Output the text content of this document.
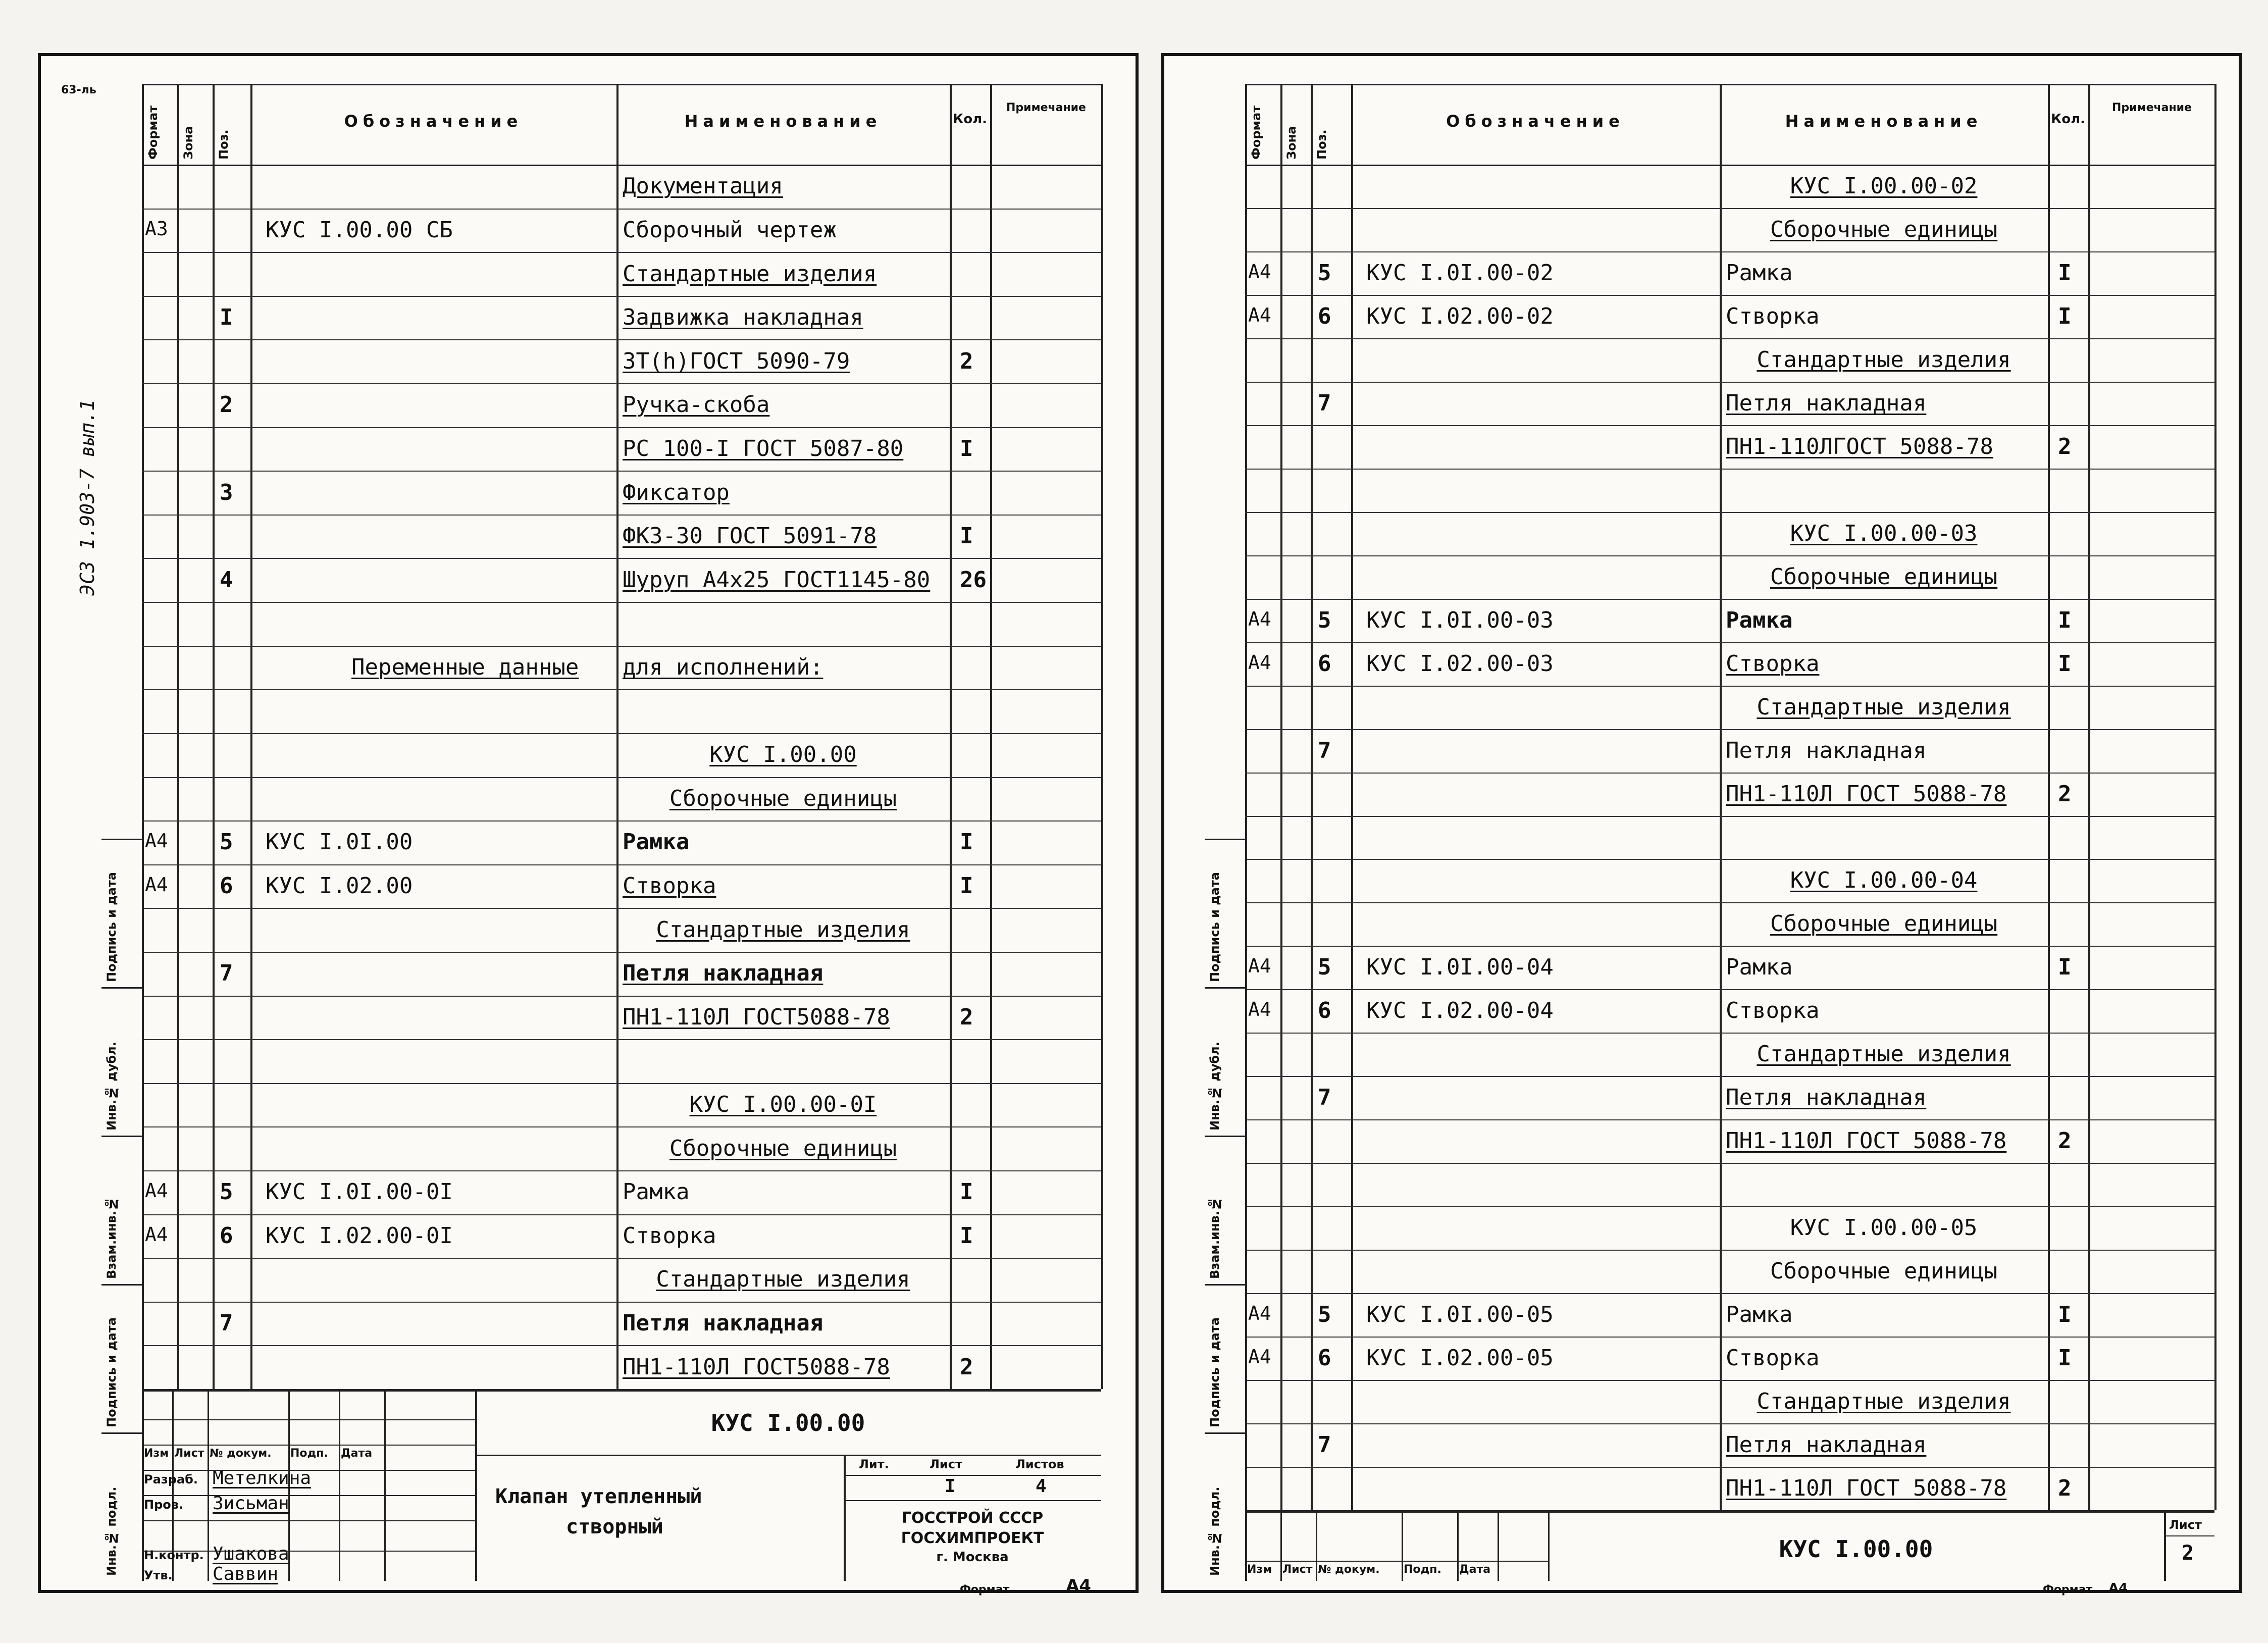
63-ль
ЭСЗ 1.903-7 вып.1
Формат Зона Поз.
Обозначение	Наименование	Кол.
Примечание
Документация
А3	КУС I.00.00 СБ	Сборочный чертеж
Стандартные изделия
I	Задвижка накладная
ЗТ(h)ГОСТ 5090-79	2
2	Ручка-скоба
РС 100-I ГОСТ 5087-80	I
3	Фиксатор
ФКЗ-30 ГОСТ 5091-78	I
4	Шуруп А4х25 ГОСТ1145-80 26
Переменные данные для исполнений:
КУС I.00.00
Сборочные единицы
А4 5 КУС I.0I.00	Рамка	I
А4 6 КУС I.02.00	Створка	I
Стандартные изделия
7	Петля накладная
ПН1-110Л ГОСТ5088-78	2
КУС I.00.00-0I
Сборочные единицы
А4 5 КУС I.0I.00-0I	Рамка	I
А4 6 КУС I.02.00-0I	Створка	I
Стандартные изделия
7	Петля накладная
ПН1-110Л ГОСТ5088-78	2
Подпись и дата
Инв.№ дубл.
Взам.инв.№
Подпись и дата
Инв.№ подл.
КУС I.00.00
Изм Лист № докум. Подп. Дата
Разраб. Метелкина
Пров. Зисьман
Н.контр. Ушакова
Утв. Саввин
Клапан утепленный
створный
Лит.	Лист	Листов
I	4
ГОССТРОЙ СССР
ГОСХИМПРОЕКТ
г. Москва
Формат	А4
Формат Зона Поз.
Обозначение	Наименование	Кол.
Примечание
КУС I.00.00-02
Сборочные единицы
А4 5 КУС I.0I.00-02	Рамка	I
А4 6 КУС I.02.00-02	Створка	I
Стандартные изделия
7	Петля накладная
ПН1-110ЛГОСТ 5088-78	2
КУС I.00.00-03
Сборочные единицы
А4 5 КУС I.0I.00-03	Рамка	I
А4 6 КУС I.02.00-03	Створка	I
Стандартные изделия
7	Петля накладная
ПН1-110Л ГОСТ 5088-78 2
КУС I.00.00-04
Сборочные единицы
А4 5 КУС I.0I.00-04	Рамка	I
А4 6 КУС I.02.00-04	Створка
Стандартные изделия
7	Петля накладная
ПН1-110Л ГОСТ 5088-78 2
КУС I.00.00-05
Сборочные единицы
А4 5 КУС I.0I.00-05	Рамка	I
А4 6 КУС I.02.00-05	Створка	I
Стандартные изделия
7	Петля накладная
ПН1-110Л ГОСТ 5088-78 2
Подпись и дата
Инв.№ дубл.
Взам.инв.№
Подпись и дата
Инв.№ подл. Изм Лист № докум. Подп. Дата
КУС I.00.00
Лист
2
Формат А4
